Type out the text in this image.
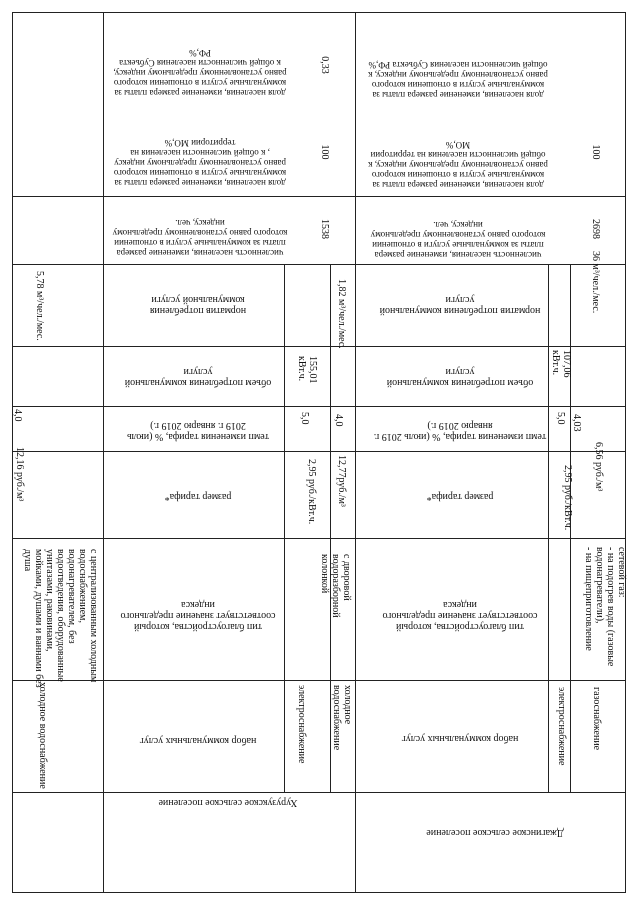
Хурузукское сельское поселение
набор коммунальных услуг
тип благоустройства, который соответствует значение предельного индекса
размер тарифа*
темп изменения тарифа, % (июль 2019 г. январю 2019 г.)
объем потребления коммунальной услуги
норматив потребления коммунальной услуги
численность населения, изменение размера платы за коммунальные услуги в отношении которого равно установленному предельному индексу, чел.
доля населения, изменение размера платы за коммунальные услуги в отношении которого равно установленному предельному индексу , к общей численности населения на территории МО,%
доля населения, изменение размера платы за коммунальные услуги в отношении которого равно установленному предельному индексу, к общей численности населения Субъекта РФ,%
1538
100
0,33
холодное водоснабжение
с централизованным холодным водоснабжением, водонагревателем, без водоотведения, оборудованные унитазами, раковинами, мойками, душами и ваннами без душа
12,16 руб./м³
4,0
5,78 м³/чел./мес.
электроснабжение
2,95 руб./кВт.ч.
5,0
155,01 кВт.ч.
холодное водоснабжение
с дворовой водоразборной колонкой
12,77руб./м³
4,0
1,82 м³/чел./мес.
Джагинское сельское поселение
набор коммунальных услуг
тип благоустройства, который соответствует значение предельного индекса
размер тарифа*
темп изменения тарифа, % (июль 2019 г. январю 2019 г.)
объем потребления коммунальной услуги
норматив потребления коммунальной услуги
численность населения, изменение размера платы за коммунальные услуги в отношении которого равно установленному предельному индексу, чел.
доля населения, изменение размера платы за коммунальные услуги в отношении которого равно установленному предельному индексу, к общей численности населения на территории МО,%
доля населения, изменение размера платы за коммунальные услуги в отношении которого равно установленному предельному индексу, к общей численности населения Субъекта РФ,%
2698
100
электроснабжение
2,95 руб./кВт.ч.
5,0
107,06 кВт.ч.
газоснабжение
сетевой газ:
- на подогрев воды (газовые водонагреватели),
- на пищеприготовление
6,56 руб./м³
4,03
36 м³/чел./мес.
